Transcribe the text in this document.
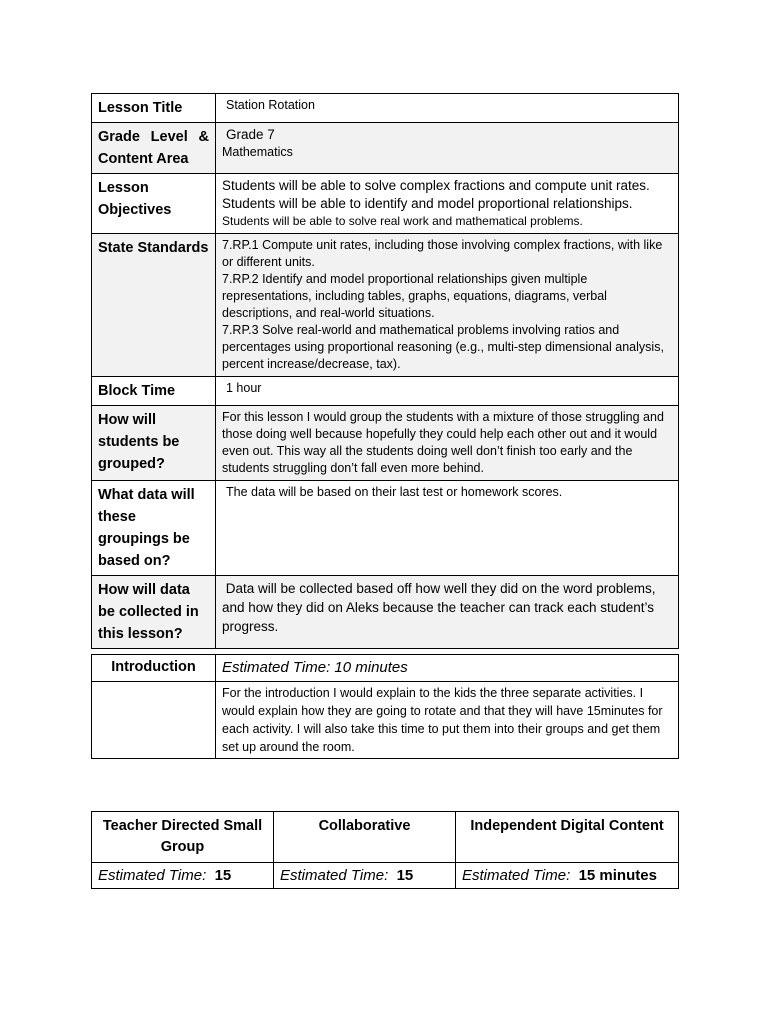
Lesson Title	Station Rotation
Grade Level & Content Area	Grade 7
Mathematics

Lesson Objectives	Students will be able to solve complex fractions and compute unit rates.
Students will be able to identify and model proportional relationships.
Students will be able to solve real work and mathematical problems.

State Standards	7.RP.1 Compute unit rates, including those involving complex fractions, with like or different units.
7.RP.2 Identify and model proportional relationships given multiple representations, including tables, graphs, equations, diagrams, verbal descriptions, and real-world situations.
7.RP.3 Solve real-world and mathematical problems involving ratios and percentages using proportional reasoning (e.g., multi-step dimensional analysis, percent increase/decrease, tax).

Block Time	1 hour
How will students be grouped?	For this lesson I would group the students with a mixture of those struggling and those doing well because hopefully they could help each other out and it would even out. This way all the students doing well don’t finish too early and the students struggling don’t fall even more behind.
What data will these groupings be based on?	The data will be based on their last test or homework scores.
How will data be collected in this lesson?	Data will be collected based off how well they did on the word problems, and how they did on Aleks because the teacher can track each student’s progress.
Introduction	Estimated Time: 10 minutes
	For the introduction I would explain to the kids the three separate activities. I would explain how they are going to rotate and that they will have 15minutes for each activity. I will also take this time to put them into their groups and get them set up around the room.
Teacher Directed Small Group	Collaborative	Independent Digital Content
Estimated Time: 15	Estimated Time: 15	Estimated Time: 15 minutes
